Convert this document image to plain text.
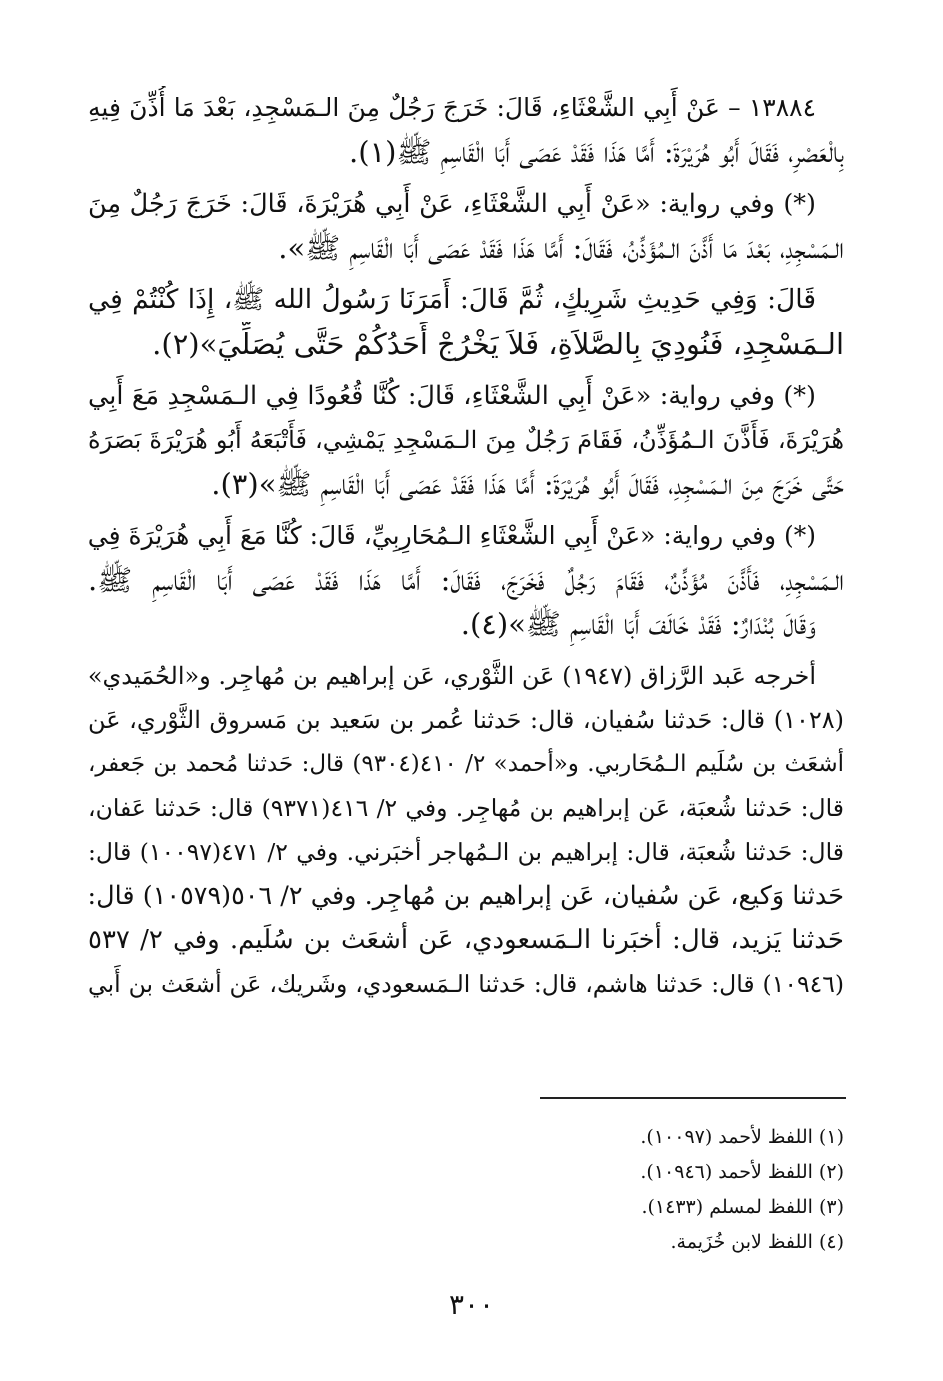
١٣٨٨٤ – عَنْ أَبِي الشَّعْثَاءِ، قَالَ: خَرَجَ رَجُلٌ مِنَ الـمَسْجِدِ، بَعْدَ مَا أُذِّنَ فِيهِ
بِالْعَصْرِ، فَقَالَ أَبُو هُرَيْرَةَ: أَمَّا هَذَا فَقَدْ عَصَى أَبَا الْقَاسِمِ ﷺ(١).
(*) وفي رواية: «عَنْ أَبِي الشَّعْثَاءِ، عَنْ أَبِي هُرَيْرَةَ، قَالَ: خَرَجَ رَجُلٌ مِنَ
الـمَسْجِدِ، بَعْدَ مَا أَذَّنَ الـمُؤَذِّنُ، فَقَالَ: أَمَّا هَذَا فَقَدْ عَصَى أَبَا الْقَاسِمِ ﷺ».
قَالَ: وَفِي حَدِيثِ شَرِيكٍ، ثُمَّ قَالَ: أَمَرَنَا رَسُولُ الله ﷺ، إِذَا كُنْتُمْ فِي
الـمَسْجِدِ، فَنُودِيَ بِالصَّلاَةِ، فَلاَ يَخْرُجْ أَحَدُكُمْ حَتَّى يُصَلِّيَ»(٢).
(*) وفي رواية: «عَنْ أَبِي الشَّعْثَاءِ، قَالَ: كُنَّا قُعُودًا فِي الـمَسْجِدِ مَعَ أَبِي
هُرَيْرَةَ، فَأَذَّنَ الـمُؤَذِّنُ، فَقَامَ رَجُلٌ مِنَ الـمَسْجِدِ يَمْشِي، فَأَتْبَعَهُ أَبُو هُرَيْرَةَ بَصَرَهُ
حَتَّى خَرَجَ مِنَ الـمَسْجِدِ، فَقَالَ أَبُو هُرَيْرَةَ: أَمَّا هَذَا فَقَدْ عَصَى أَبَا الْقَاسِمِ ﷺ»(٣).
(*) وفي رواية: «عَنْ أَبِي الشَّعْثَاءِ الـمُحَارِبِيِّ، قَالَ: كُنَّا مَعَ أَبِي هُرَيْرَةَ فِي
الـمَسْجِدِ، فَأَذَّنَ مُؤَذِّنٌ، فَقَامَ رَجُلٌ فَخَرَجَ، فَقَالَ: أَمَّا هَذَا فَقَدْ عَصَى أَبَا الْقَاسِمِ ﷺ.
وَقَالَ بُنْدَارٌ: فَقَدْ خَالَفَ أَبَا الْقَاسِمِ ﷺ»(٤).
أخرجه عَبد الرَّزاق (١٩٤٧) عَن الثَّوْري، عَن إبراهيم بن مُهاجِر. و«الحُمَيدي»
(١٠٢٨) قال: حَدثنا سُفيان، قال: حَدثنا عُمر بن سَعيد بن مَسروق الثَّوْري، عَن
أشعَث بن سُلَيم الـمُحَاربي. و«أحمد» ٢/ ٤١٠(٩٣٠٤) قال: حَدثنا مُحمد بن جَعفر،
قال: حَدثنا شُعبَة، عَن إبراهيم بن مُهاجِر. وفي ٢/ ٤١٦(٩٣٧١) قال: حَدثنا عَفان،
قال: حَدثنا شُعبَة، قال: إبراهيم بن الـمُهاجر أخبَرني. وفي ٢/ ٤٧١(١٠٠٩٧) قال:
حَدثنا وَكيع، عَن سُفيان، عَن إبراهيم بن مُهاجِر. وفي ٢/ ٥٠٦(١٠٥٧٩) قال:
حَدثنا يَزيد، قال: أخبَرنا الـمَسعودي، عَن أشعَث بن سُلَيم. وفي ٢/ ٥٣٧
(١٠٩٤٦) قال: حَدثنا هاشم، قال: حَدثنا الـمَسعودي، وشَريك، عَن أشعَث بن أَبي
(١) اللفظ لأحمد (١٠٠٩٧).
(٢) اللفظ لأحمد (١٠٩٤٦).
(٣) اللفظ لمسلم (١٤٣٣).
(٤) اللفظ لابن خُزَيمة.
٣٠٠
